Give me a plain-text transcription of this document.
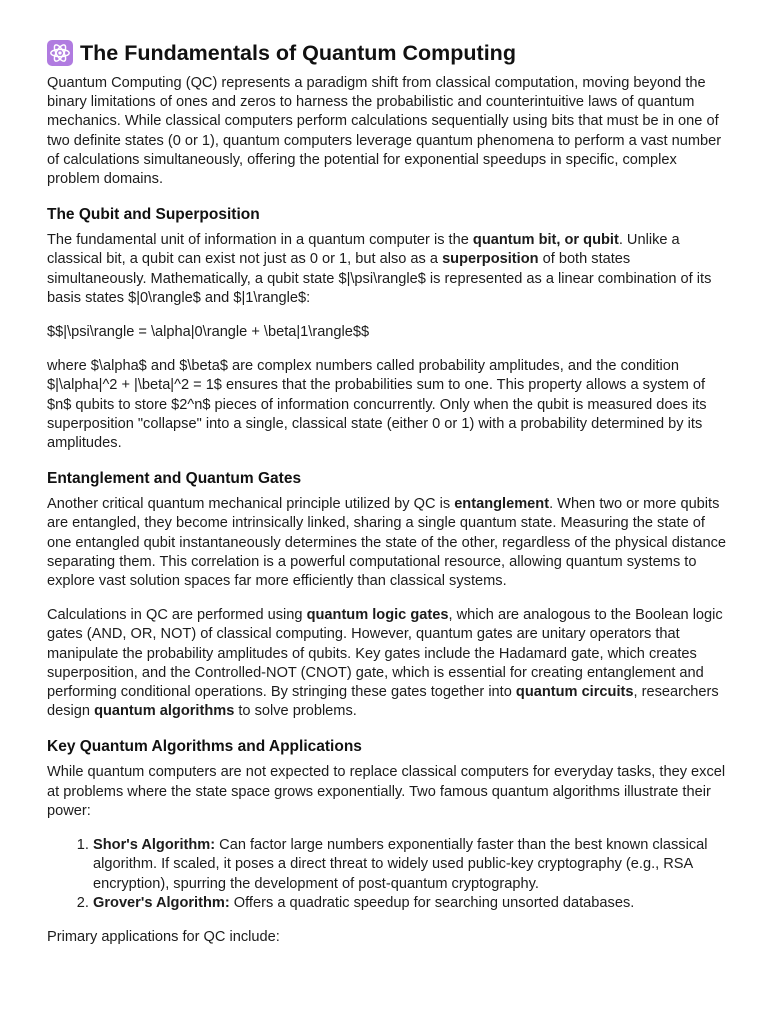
The Fundamentals of Quantum Computing

Quantum Computing (QC) represents a paradigm shift from classical computation, moving beyond the binary limitations of ones and zeros to harness the probabilistic and counterintuitive laws of quantum mechanics. While classical computers perform calculations sequentially using bits that must be in one of two definite states (0 or 1), quantum computers leverage quantum phenomena to perform a vast number of calculations simultaneously, offering the potential for exponential speedups in specific, complex problem domains.

The Qubit and Superposition

The fundamental unit of information in a quantum computer is the quantum bit, or qubit. Unlike a classical bit, a qubit can exist not just as 0 or 1, but also as a superposition of both states simultaneously. Mathematically, a qubit state $|\psi\rangle$ is represented as a linear combination of its basis states $|0\rangle$ and $|1\rangle$:

$$|\psi\rangle = \alpha|0\rangle + \beta|1\rangle$$

where $\alpha$ and $\beta$ are complex numbers called probability amplitudes, and the condition $|\alpha|^2 + |\beta|^2 = 1$ ensures that the probabilities sum to one. This property allows a system of $n$ qubits to store $2^n$ pieces of information concurrently. Only when the qubit is measured does its superposition "collapse" into a single, classical state (either 0 or 1) with a probability determined by its amplitudes.

Entanglement and Quantum Gates

Another critical quantum mechanical principle utilized by QC is entanglement. When two or more qubits are entangled, they become intrinsically linked, sharing a single quantum state. Measuring the state of one entangled qubit instantaneously determines the state of the other, regardless of the physical distance separating them. This correlation is a powerful computational resource, allowing quantum systems to explore vast solution spaces far more efficiently than classical systems.

Calculations in QC are performed using quantum logic gates, which are analogous to the Boolean logic gates (AND, OR, NOT) of classical computing. However, quantum gates are unitary operators that manipulate the probability amplitudes of qubits. Key gates include the Hadamard gate, which creates superposition, and the Controlled-NOT (CNOT) gate, which is essential for creating entanglement and performing conditional operations. By stringing these gates together into quantum circuits, researchers design quantum algorithms to solve problems.

Key Quantum Algorithms and Applications

While quantum computers are not expected to replace classical computers for everyday tasks, they excel at problems where the state space grows exponentially. Two famous quantum algorithms illustrate their power:

1. Shor's Algorithm: Can factor large numbers exponentially faster than the best known classical algorithm. If scaled, it poses a direct threat to widely used public-key cryptography (e.g., RSA encryption), spurring the development of post-quantum cryptography.
2. Grover's Algorithm: Offers a quadratic speedup for searching unsorted databases.

Primary applications for QC include:
